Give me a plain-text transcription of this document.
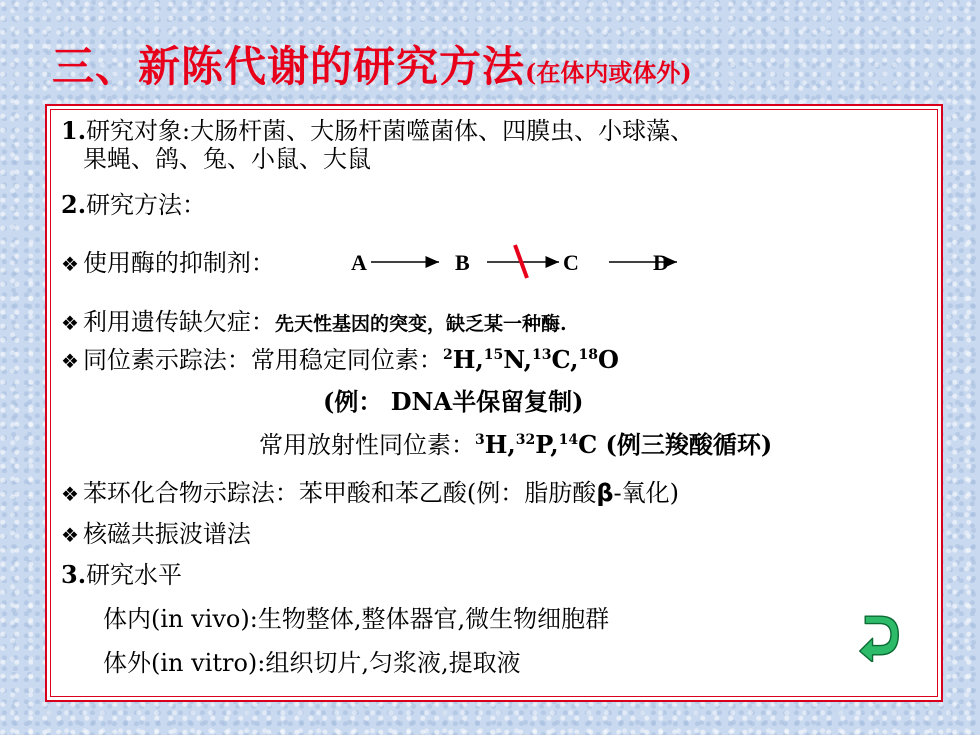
三、新陈代谢的研究方法(在体内或体外)
1.研究对象:大肠杆菌、大肠杆菌噬菌体、四膜虫、小球藻、
果蝇、鸽、兔、小鼠、大鼠
2.研究方法：
❖ 使用酶的抑制剂：	A	B	C	D
❖ 利用遗传缺欠症：先天性基因的突变，缺乏某一种酶.
❖ 同位素示踪法：常用稳定同位素：$^2$H,$^{15}$N,$^{13}$C,$^{18}$O
(例： DNA半保留复制)
常用放射性同位素：$^3$H,$^{32}$P,$^{14}$C (例三羧酸循环)
❖ 苯环化合物示踪法：苯甲酸和苯乙酸(例：脂肪酸β-氧化)
❖ 核磁共振波谱法
3.研究水平
体内(in vivo):生物整体,整体器官,微生物细胞群
体外(in vitro):组织切片,匀浆液,提取液
